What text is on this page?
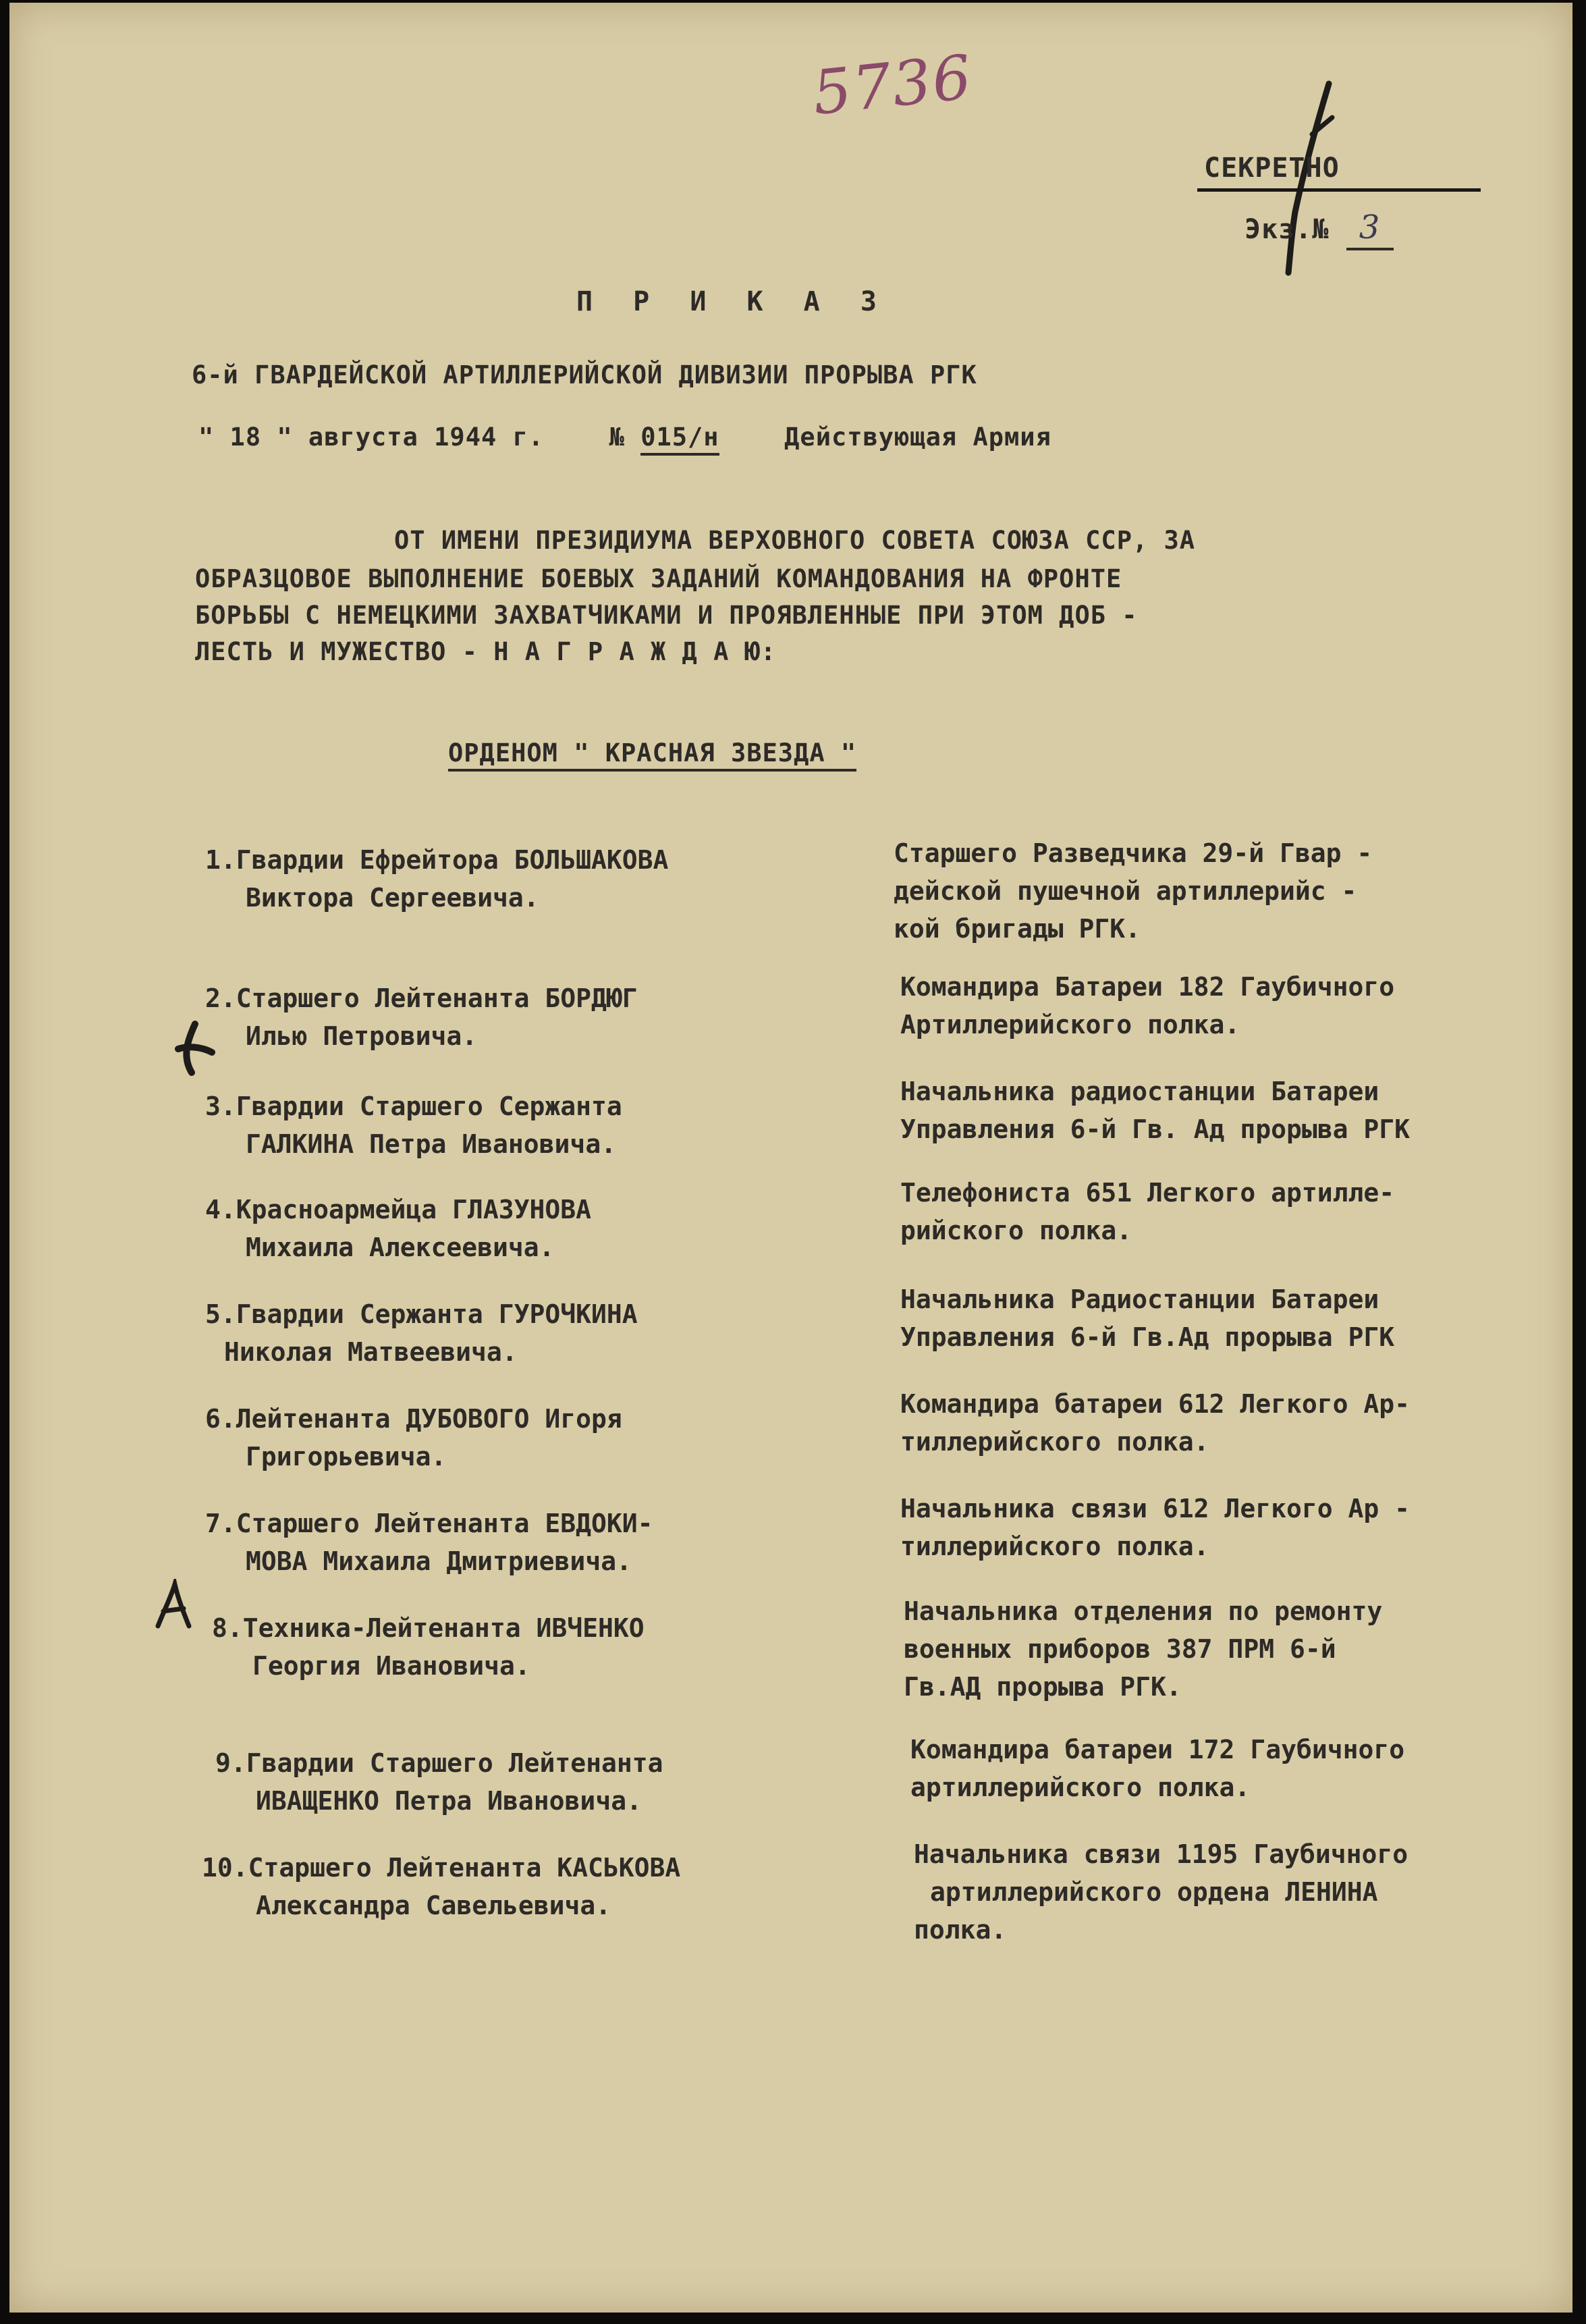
5736
СЕКРЕТНО
Экз.№ 3
П Р И К А З
6-й ГВАРДЕЙСКОЙ АРТИЛЛЕРИЙСКОЙ ДИВИЗИИ ПРОРЫВА РГК
" 18 " августа 1944 г.	№ 015/н	Действующая Армия
ОТ ИМЕНИ ПРЕЗИДИУМА ВЕРХОВНОГО СОВЕТА СОЮЗА ССР, ЗА
ОБРАЗЦОВОЕ ВЫПОЛНЕНИЕ БОЕВЫХ ЗАДАНИЙ КОМАНДОВАНИЯ НА ФРОНТЕ
БОРЬБЫ С НЕМЕЦКИМИ ЗАХВАТЧИКАМИ И ПРОЯВЛЕННЫЕ ПРИ ЭТОМ ДОБ -
ЛЕСТЬ И МУЖЕСТВО - Н А Г Р А Ж Д А Ю:
ОРДЕНОМ " КРАСНАЯ ЗВЕЗДА "
1.Гвардии Ефрейтора БОЛЬШАКОВА
Виктора Сергеевича.
Старшего Разведчика 29-й Гвар -
дейской пушечной артиллерийс -
кой бригады РГК.
2.Старшего Лейтенанта БОРДЮГ
Илью Петровича.
Командира Батареи 182 Гаубичного
Артиллерийского полка.
3.Гвардии Старшего Сержанта
ГАЛКИНА Петра Ивановича.
Начальника радиостанции Батареи
Управления 6-й Гв. Ад прорыва РГК
4.Красноармейца ГЛАЗУНОВА
Михаила Алексеевича.
Телефониста 651 Легкого артилле-
рийского полка.
5.Гвардии Сержанта ГУРОЧКИНА
Николая Матвеевича.
Начальника Радиостанции Батареи
Управления 6-й Гв.Ад прорыва РГК
6.Лейтенанта ДУБОВОГО Игоря
Григорьевича.
Командира батареи 612 Легкого Ар-
тиллерийского полка.
7.Старшего Лейтенанта ЕВДОКИ-
МОВА Михаила Дмитриевича.
Начальника связи 612 Легкого Ар -
тиллерийского полка.
8.Техника-Лейтенанта ИВЧЕНКО
Георгия Ивановича.
Начальника отделения по ремонту
военных приборов 387 ПРМ 6-й
Гв.АД прорыва РГК.
9.Гвардии Старшего Лейтенанта
ИВАЩЕНКО Петра Ивановича.
Командира батареи 172 Гаубичного
артиллерийского полка.
10.Старшего Лейтенанта КАСЬКОВА
Александра Савельевича.
Начальника связи 1195 Гаубичного
артиллерийского ордена ЛЕНИНА
полка.
